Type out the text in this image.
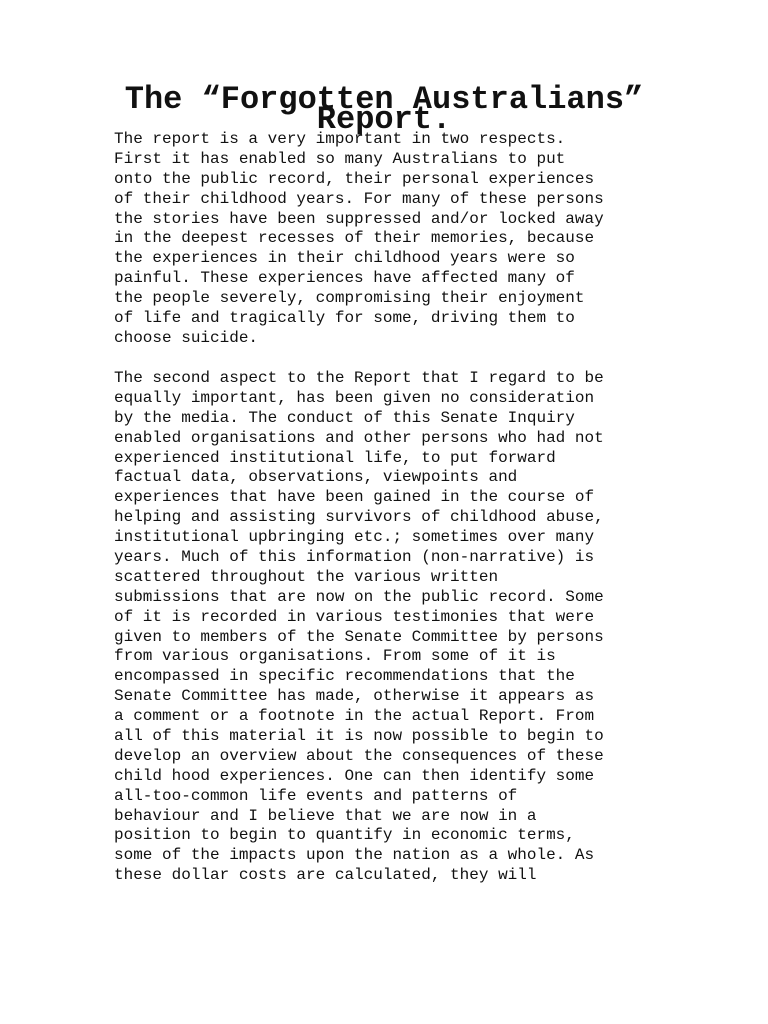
The “Forgotten Australians” Report.

The report is a very important in two respects.
First it has enabled so many Australians to put
onto the public record, their personal experiences
of their childhood years. For many of these persons
the stories have been suppressed and/or locked away
in the deepest recesses of their memories, because
the experiences in their childhood years were so
painful. These experiences have affected many of
the people severely, compromising their enjoyment
of life and tragically for some, driving them to
choose suicide.

The second aspect to the Report that I regard to be
equally important, has been given no consideration
by the media. The conduct of this Senate Inquiry
enabled organisations and other persons who had not
experienced institutional life, to put forward
factual data, observations, viewpoints and
experiences that have been gained in the course of
helping and assisting survivors of childhood abuse,
institutional upbringing etc.; sometimes over many
years. Much of this information (non-narrative) is
scattered throughout the various written
submissions that are now on the public record. Some
of it is recorded in various testimonies that were
given to members of the Senate Committee by persons
from various organisations. From some of it is
encompassed in specific recommendations that the
Senate Committee has made, otherwise it appears as
a comment or a footnote in the actual Report. From
all of this material it is now possible to begin to
develop an overview about the consequences of these
child hood experiences. One can then identify some
all-too-common life events and patterns of
behaviour and I believe that we are now in a
position to begin to quantify in economic terms,
some of the impacts upon the nation as a whole. As
these dollar costs are calculated, they will
